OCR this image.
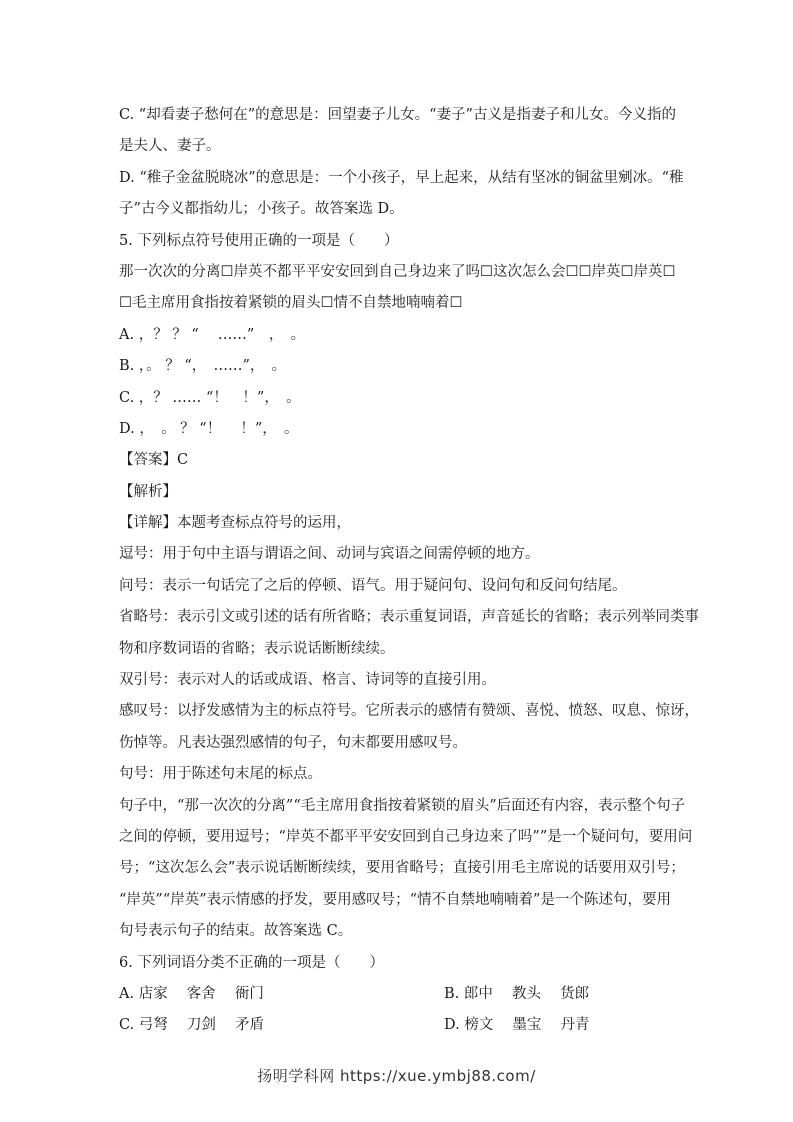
C. “却看妻子愁何在”的意思是：回望妻子儿女。“妻子”古义是指妻子和儿女。今义指的
是夫人、妻子。
D. “稚子金盆脱晓冰”的意思是：一个小孩子，早上起来，从结有坚冰的铜盆里剜冰。“稚
子”古今义都指幼儿；小孩子。故答案选 D。
5. 下列标点符号使用正确的一项是（　　）
那一次次的分离☐岸英不都平平安安回到自己身边来了吗☐这次怎么会☐☐岸英☐岸英☐
☐毛主席用食指按着紧锁的眉头☐情不自禁地喃喃着☐
A. ，？ ？ “　 ……”　，　。
B. ，。 ？ “，　……”，　。
C. ，？ …… “！　！”，　。
D. ，　。 ？ “！　 ！”，　。
【答案】C
【解析】
【详解】本题考查标点符号的运用，
逗号：用于句中主语与谓语之间、动词与宾语之间需停顿的地方。
问号：表示一句话完了之后的停顿、语气。用于疑问句、设问句和反问句结尾。
省略号：表示引文或引述的话有所省略；表示重复词语，声音延长的省略；表示列举同类事
物和序数词语的省略；表示说话断断续续。
双引号：表示对人的话或成语、格言、诗词等的直接引用。
感叹号：以抒发感情为主的标点符号。它所表示的感情有赞颂、喜悦、愤怒、叹息、惊讶，
伤悼等。凡表达强烈感情的句子，句末都要用感叹号。
句号：用于陈述句末尾的标点。
句子中，“那一次次的分离”“毛主席用食指按着紧锁的眉头”后面还有内容，表示整个句子
之间的停顿，要用逗号；“岸英不都平平安安回到自己身边来了吗””是一个疑问句，要用问
号；“这次怎么会”表示说话断断续续，要用省略号；直接引用毛主席说的话要用双引号；
“岸英”“岸英”表示情感的抒发，要用感叹号；“情不自禁地喃喃着”是一个陈述句，要用
句号表示句子的结束。故答案选 C。
6. 下列词语分类不正确的一项是（　　）
A. 店家　 客舍　 衙门	B. 郎中　 教头　 货郎
C. 弓弩　 刀剑　 矛盾	D. 榜文　 墨宝　 丹青
扬明学科网 https://xue.ymbj88.com/
